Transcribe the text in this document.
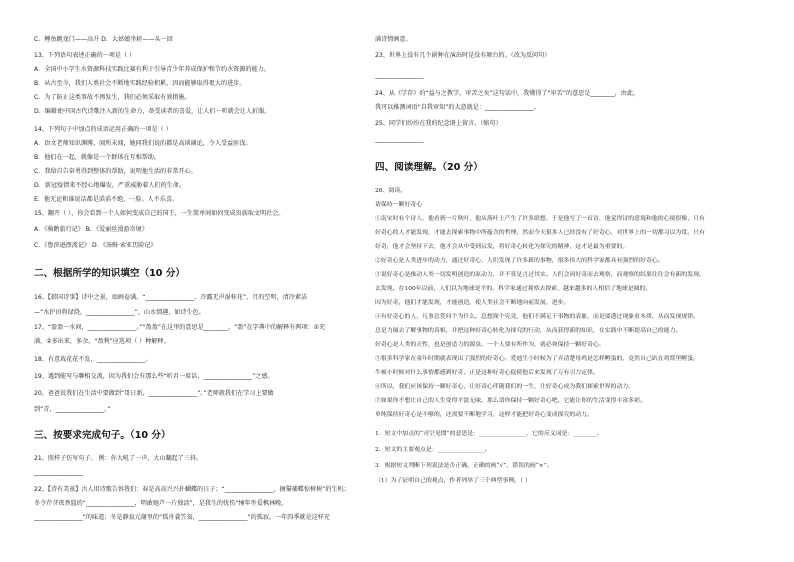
C．鲤鱼跳龙门——高升 D．大姑娘坐轿——头一回
13、下列语句表述正确的一项是（ ）
A．全国中小学生水资源科技实践比赛有利于引导青少年养成保护和节约水资源的能力。
B．从古至今，我们人类社会不断地实践经验积累，因而能够取得更大的进步。
C．为了防止这类事故不再发生，我们必须采取有效措施。
D．编辑使中国古代诗歌注入新的生命力，备受读者的喜爱，让人们一听就会让人折服。
14、下列句子中加点的成语运用正确的一项是（ ）
A．语文老师知识渊博，闻所未闻，她同我们说的都是高谈阔论，令人受益匪浅。
B．他们在一起，就像是一个群体在互相帮助。
C．我给自告奋勇得到整体的帮助，说明他生活的非常开心。
D．新冠疫情来不经心地爆发，严重威胁着人们的生命。
E．他无论和谁说话都是滔滔不绝，一脸。人不乐喜。
15、翻开（ ），你会看到一个人如何变成自己的国王，一生简单间如何变成贵族取文明社会。
A．《骑鹅旅行记》 B．《爱丽丝漫游奇境》
C．《鲁滨逊漂流记》 D．《汤姆·索亚历险记》
二、根据所学的知识填空（10 分）
16、【韩国诗事】诗中之景，如画卷满。“________________，冷露无声湿桂花”，月的空明，清冷素洁
—“水护田将绿绕，________________”，山水情趣，如诗生色。
17、“盈盈一水间，________________。”“盈盈”在这里的意思是________。“盈”在字典中的解释有两项：①充
满，②多出来，多余。“盈利”应选项（ ）种解释。
18、有意栽花花不发，________________。
19、遇到能写与聊相交流，因为我们会有那么些“听君一席话，________________”之感。
20、爸爸说我们在生活中要做到“哥日新，________________”。”老师就我们在学习上要做
到“青，________________。”
三、按要求完成句子。（10 分）
21、照样子仿写句子。 例：你大吼了一声，大山翻起了三抖。
________________
22、【诗有美景】古人用诗歌告诉我们：春是高高兴兴扑蝴蝶的日子；“________________，摘猫捕蝶惊树树”的生机；
冬令芹芽夜香篮的“________________，明敢她芦一片独活”，是我生的忧伤“憧年坐爱枫林晚，
________________”的味道；冬是静寂元谢里的“孤舟蓑笠翁，________________”的孤寂。一年四季就是这样充
满诗情画意。
23、世界上没有几个剧种在演出时是没有舞台的。（改为反问句）
________________
24、从《学存》的“益与之教学，审苦之矣”这句话中，我懂得了“审苦”的意思是________，由此，
我可以推测词语“自我审知”的大意就是：________________。
25、同学们纷纷在我的纪念册上留言。（缩句）
________________
四、阅读理解。（20 分）
26、阅读。
请保持一颗好奇心
①南宋时有个诗人，他看到一片秋叶，他从落叶上产生了许多联想，于是他写了一首诗，他觉得诗的意境和他的心境很像，只有
好奇心的人才能发现，才能去探索事物中所蕴含的哲理，然而今天很多人已经没有了好奇心，对世界上的一切都习以为常。只有
好奇，他才会坚持下去，他才会从中受到启发，将好奇心转化为探究的精神，这才是最为重要的。
②好奇心是人类进步的动力，通过好奇心，人们发现了许多新的事物，很多伟大的科学家都具有强烈的好奇心。
③说好奇心是推动人类一切发明创造的原动力，并不算是言过其实。人们会因好奇而去观察，而观察的结果往往会有新的发现。
去发现，在100年以前，人们以为地球是平的。科学家通过观察去探索，越来越多的人相信了地球是圆的。
因为好奇，他们才能发现，才能创造，使人类社会不断地向前发展，进步。
④有好奇心的人，凡事总爱问个为什么，总想探个究竟，他们不满足于事物的表象，而是要透过现象看本质，从而发现规律。
总是力图去了解事物的真相，并把这种好奇心转化为探究的行动，从而获得新的知识，在实践中不断提高自己的能力。
好奇心是人类的天性，也是创造力的源泉。一个人要有所作为，就必须保持一颗好奇心。
⑤很多科学家在童年时期就表现出了强烈的好奇心。爱迪生小时候为了弄清楚母鸡是怎样孵蛋的，竟然自己趴在鸡窝里孵蛋。
牛顿小时候对什么事情都感到好奇，正是这种好奇心促使他后来发现了万有引力定律。
⑥所以，我们应该保持一颗好奇心，让好奇心伴随我们的一生，让好奇心成为我们探索世界的动力。
⑦如果你不想让自己的人生变得平淡无味，那么请你保持一颗好奇心吧，它能让你的生活变得丰富多彩。
单纯保持好奇心是不够的，还需要不断地学习，这样才能把好奇心变成探究的动力。
1．短文中加点的“司空见惯”的意思是：________________，它的反义词是：________。
2．短文的主要观点是：________________。
3．根据短文判断下列说法是否正确，正确的画“√”，错误的画“×”。
（1）为了证明自己的观点，作者列举了三个典型事例。（ ）
